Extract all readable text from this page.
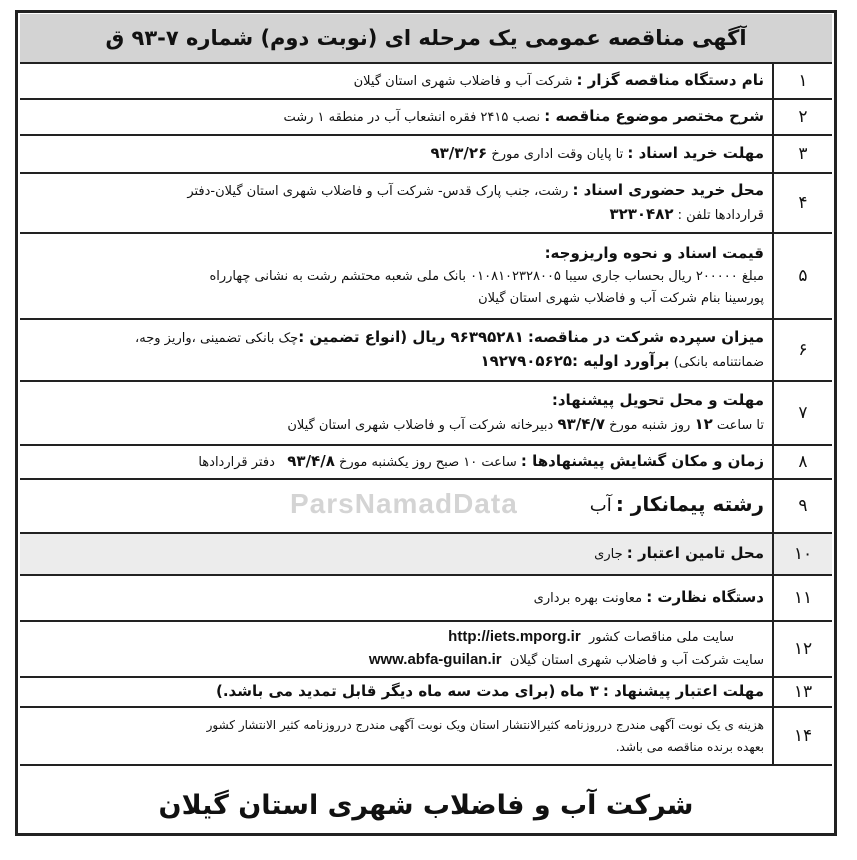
آگهی مناقصه عمومی یک مرحله ای (نوبت دوم) شماره ۷-۹۳ ق
۱
نام دستگاه مناقصه گزار : شرکت آب و فاضلاب شهری استان گیلان
۲
شرح مختصر موضوع مناقصه : نصب ۲۴۱۵ فقره انشعاب آب در منطقه ۱ رشت
۳
مهلت خرید اسناد : تا پایان وقت اداری مورخ ۹۳/۳/۲۶
۴
محل خرید حضوری اسناد : رشت، جنب پارک قدس- شرکت آب و فاضلاب شهری استان گیلان-دفتر
قراردادها تلفن : ۳۲۳۰۴۸۲
۵
قیمت اسناد و نحوه واریزوجه:
مبلغ ۲۰۰۰۰۰ ریال بحساب جاری سیبا ۰۱۰۸۱۰۲۳۲۸۰۰۵ بانک ملی شعبه محتشم رشت به نشانی چهارراه
پورسینا بنام شرکت آب و فاضلاب شهری استان گیلان
۶
میزان سپرده شرکت در مناقصه: ۹۶۳۹۵۲۸۱ ریال (انواع تضمین :چک بانکی تضمینی ،واریز وجه،
ضمانتنامه بانکی) برآورد اولیه :۱۹۲۷۹۰۵۶۲۵
۷
مهلت و محل تحویل پیشنهاد:
تا ساعت ۱۲ روز شنبه مورخ ۹۳/۴/۷ دبیرخانه شرکت آب و فاضلاب شهری استان گیلان
۸
زمان و مکان گشایش پیشنهادها : ساعت ۱۰ صبح روز یکشنبه مورخ ۹۳/۴/۸   دفتر قراردادها
۹
رشته پیمانکار : آب
۱۰
محل تامین اعتبار : جاری
۱۱
دستگاه نظارت : معاونت بهره برداری
۱۲
سایت ملی مناقصات کشور  http://iets.mporg.ir
سایت شرکت آب و فاضلاب شهری استان گیلان  www.abfa-guilan.ir
۱۳
مهلت اعتبار پیشنهاد : ۳ ماه (برای مدت سه ماه دیگر قابل تمدید می باشد.)
۱۴
هزینه ی یک نوبت آگهی مندرج درروزنامه کثیرالانتشار استان ویک نوبت آگهی مندرج درروزنامه کثیر الانتشار کشور
بعهده برنده مناقصه می باشد.
ParsNamadData
شرکت آب و فاضلاب شهری استان گیلان
